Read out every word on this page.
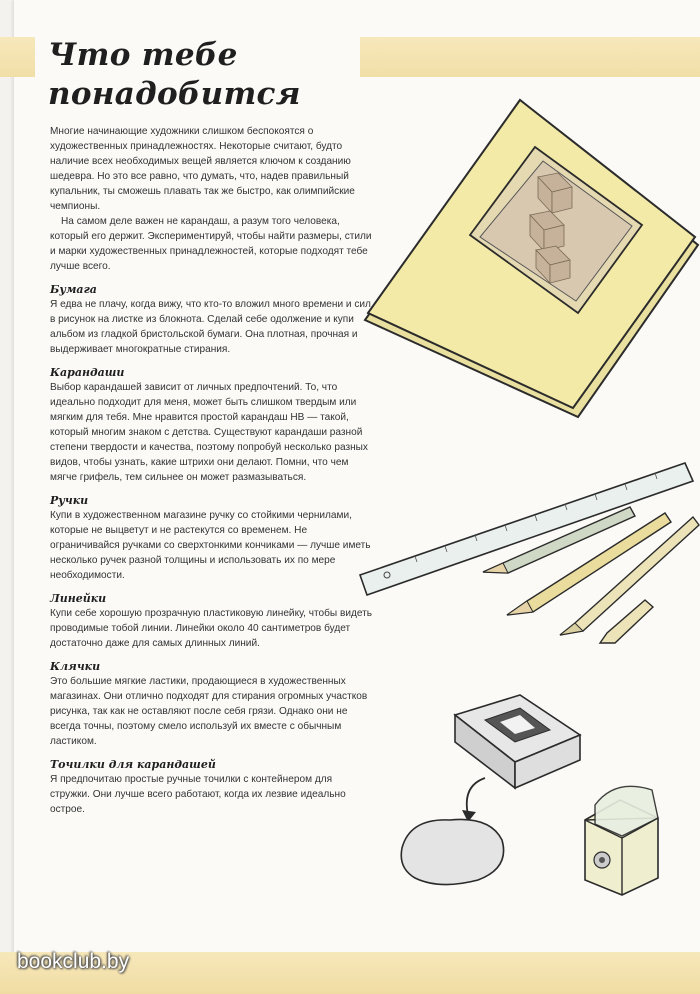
Что тебе понадобится

Многие начинающие художники слишком беспокоятся о художественных принадлежностях. Некоторые считают, будто наличие всех необходимых вещей является ключом к созданию шедевра. Но это все равно, что думать, что, надев правильный купальник, ты сможешь плавать так же быстро, как олимпийские чемпионы.

На самом деле важен не карандаш, а разум того человека, который его держит. Экспериментируй, чтобы найти размеры, стили и марки художественных принадлежностей, которые подходят тебе лучше всего.

Бумага

Я едва не плачу, когда вижу, что кто-то вложил много времени и сил в рисунок на листке из блокнота. Сделай себе одолжение и купи альбом из гладкой бристольской бумаги. Она плотная, прочная и выдерживает многократные стирания.

Карандаши

Выбор карандашей зависит от личных предпочтений. То, что идеально подходит для меня, может быть слишком твердым или мягким для тебя. Мне нравится простой карандаш HB — такой, который многим знаком с детства. Существуют карандаши разной степени твердости и качества, поэтому попробуй несколько разных видов, чтобы узнать, какие штрихи они делают. Помни, что чем мягче грифель, тем сильнее он может размазываться.

Ручки

Купи в художественном магазине ручку со стойкими чернилами, которые не выцветут и не растекутся со временем. Не ограничивайся ручками со сверхтонкими кончиками — лучше иметь несколько ручек разной толщины и использовать их по мере необходимости.

Линейки

Купи себе хорошую прозрачную пластиковую линейку, чтобы видеть проводимые тобой линии. Линейки около 40 сантиметров будет достаточно даже для самых длинных линий.

Клячки

Это большие мягкие ластики, продающиеся в художественных магазинах. Они отлично подходят для стирания огромных участков рисунка, так как не оставляют после себя грязи. Однако они не всегда точны, поэтому смело используй их вместе с обычным ластиком.

Точилки для карандашей

Я предпочитаю простые ручные точилки с контейнером для стружки. Они лучше всего работают, когда их лезвие идеально острое.

bookclub.by
